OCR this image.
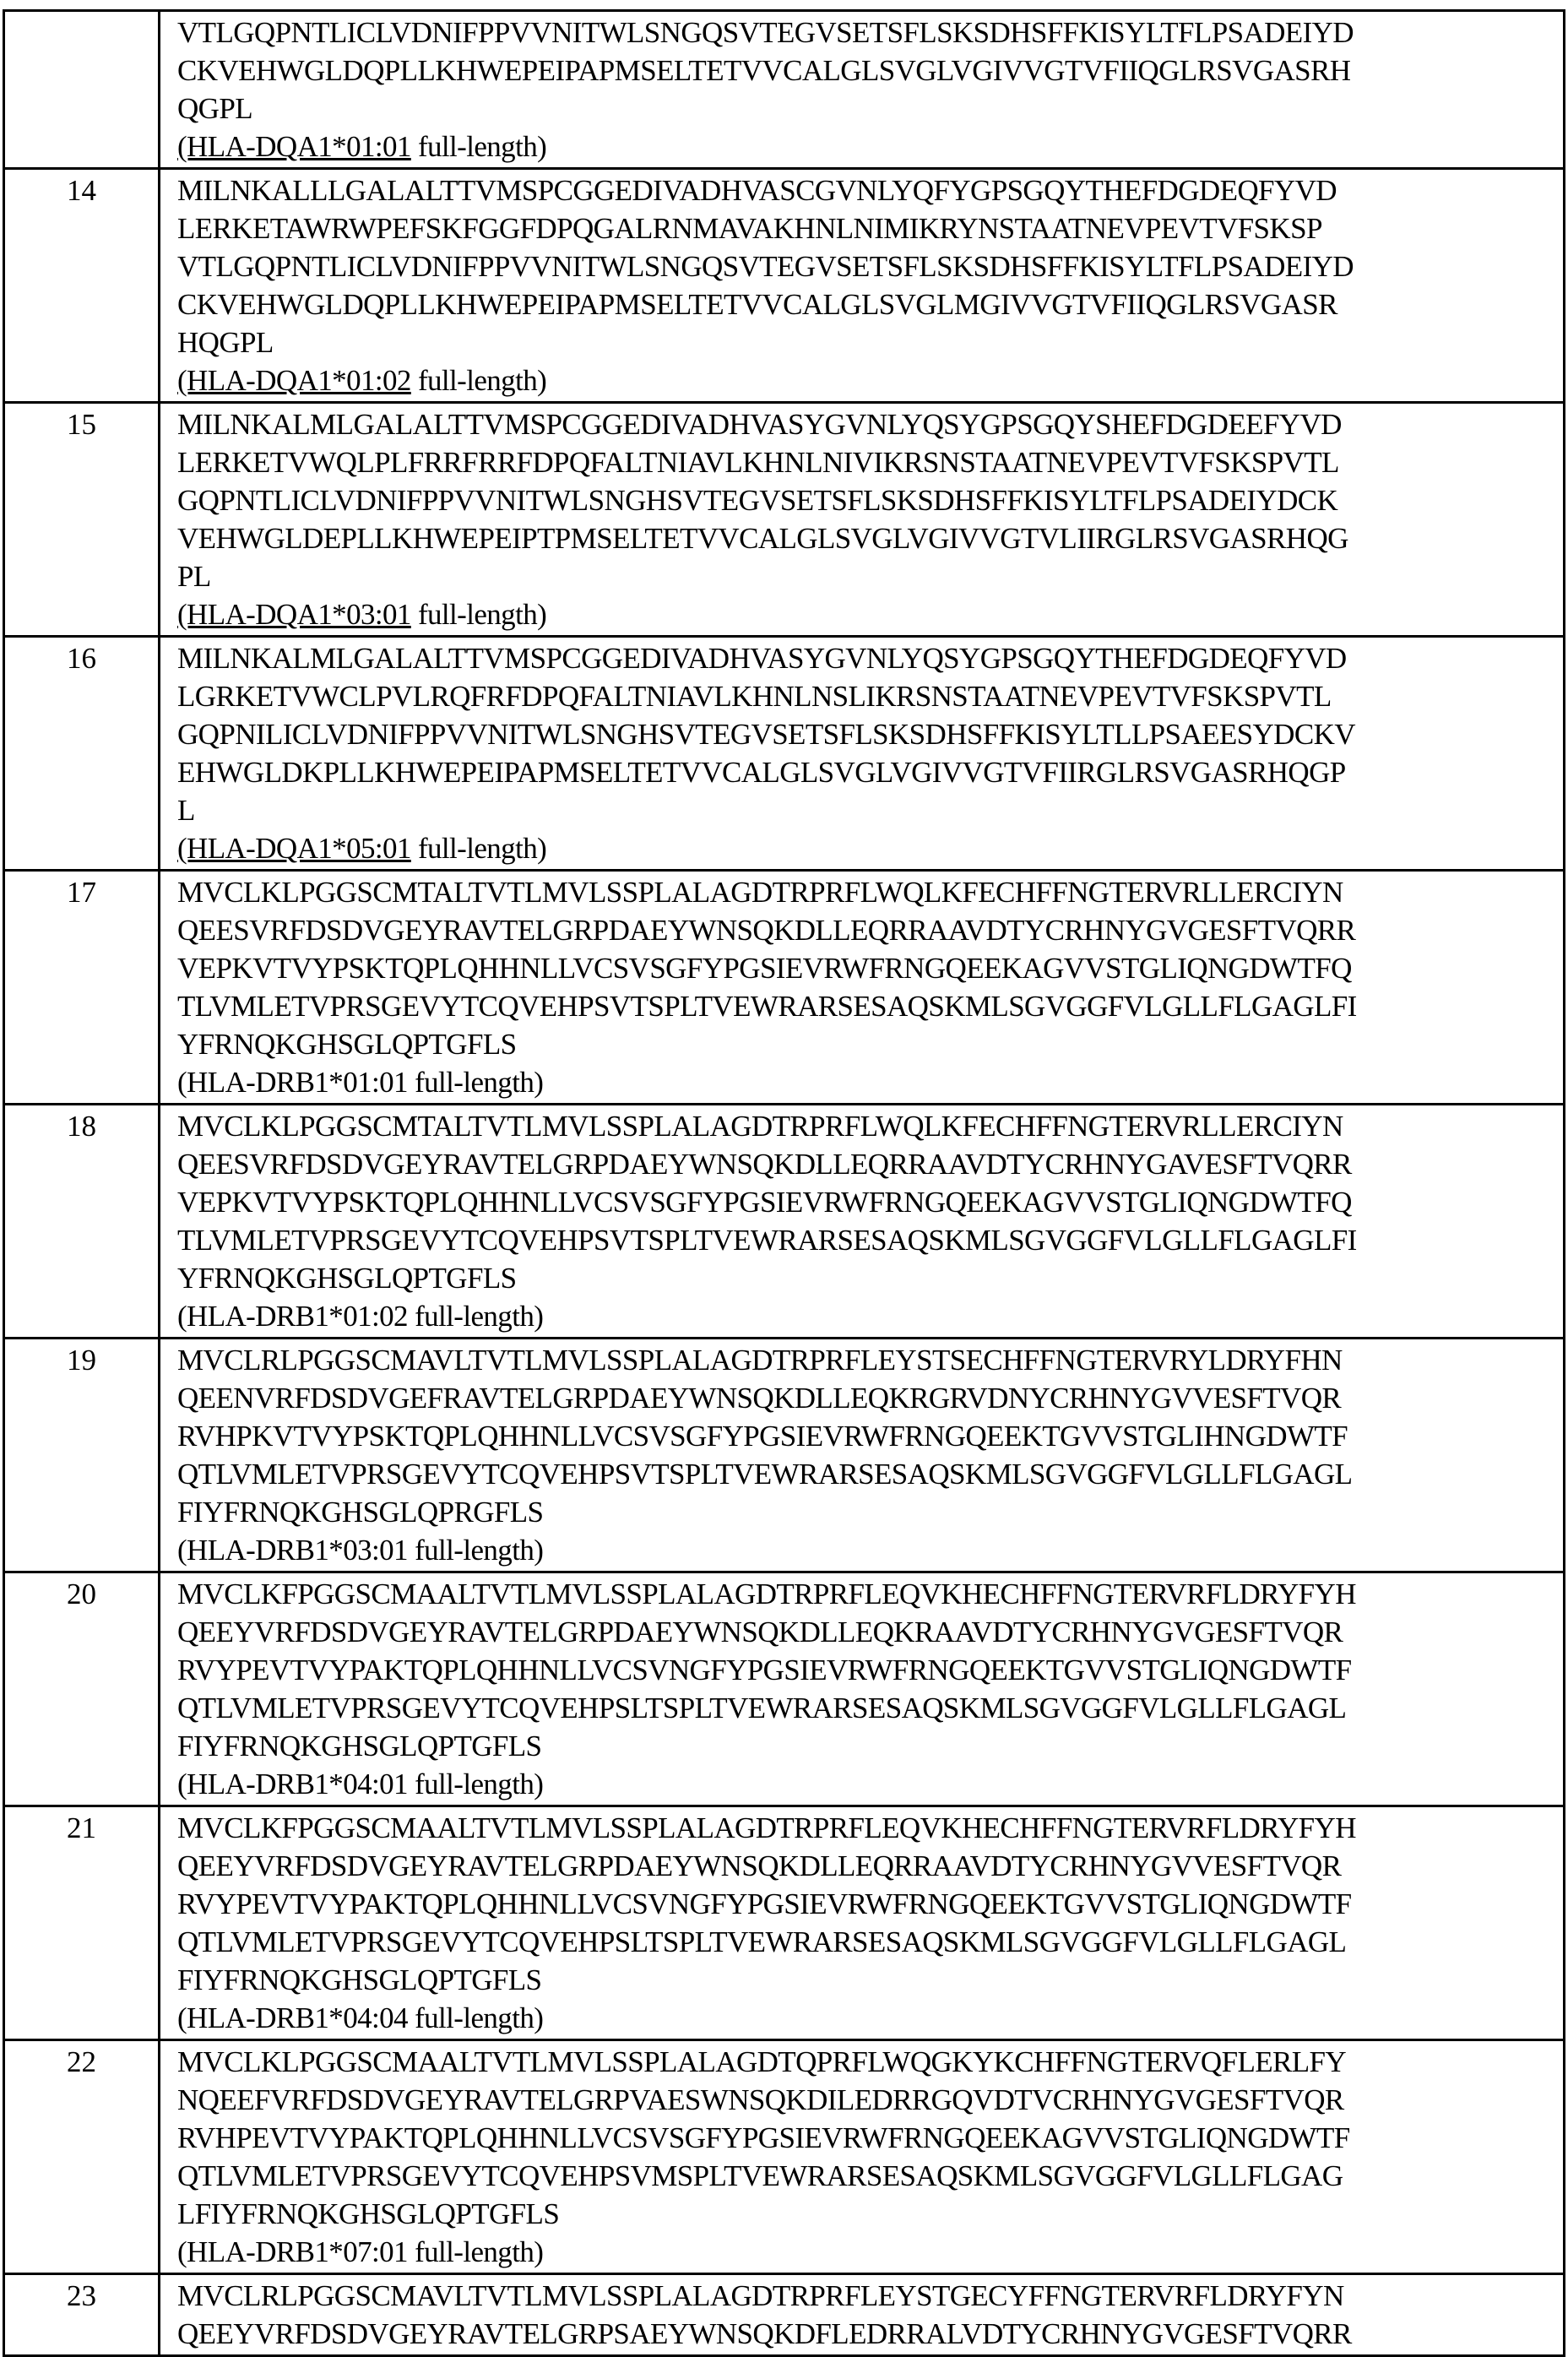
VTLGQPNTLICLVDNIFPPVVNITWLSNGQSVTEGVSETSFLSKSDHSFFKISYLTFLPSADEIYD
CKVEHWGLDQPLLKHWEPEIPAPMSELTETVVCALGLSVGLVGIVVGTVFIIQGLRSVGASRH
QGPL
(HLA-DQA1*01:01 full-length)

14	MILNKALLLGALALTTVMSPCGGEDIVADHVASCGVNLYQFYGPSGQYTHEFDGDEQFYVD
LERKETAWRWPEFSKFGGFDPQGALRNMAVAKHNLNIMIKRYNSTAATNEVPEVTVFSKSP
VTLGQPNTLICLVDNIFPPVVNITWLSNGQSVTEGVSETSFLSKSDHSFFKISYLTFLPSADEIYD
CKVEHWGLDQPLLKHWEPEIPAPMSELTETVVCALGLSVGLMGIVVGTVFIIQGLRSVGASR
HQGPL
(HLA-DQA1*01:02 full-length)

15	MILNKALMLGALALTTVMSPCGGEDIVADHVASYGVNLYQSYGPSGQYSHEFDGDEEFYVD
LERKETVWQLPLFRRFRRFDPQFALTNIAVLKHNLNIVIKRSNSTAATNEVPEVTVFSKSPVTL
GQPNTLICLVDNIFPPVVNITWLSNGHSVTEGVSETSFLSKSDHSFFKISYLTFLPSADEIYDCK
VEHWGLDEPLLKHWEPEIPTPMSELTETVVCALGLSVGLVGIVVGTVLIIRGLRSVGASRHQG
PL
(HLA-DQA1*03:01 full-length)

16	MILNKALMLGALALTTVMSPCGGEDIVADHVASYGVNLYQSYGPSGQYTHEFDGDEQFYVD
LGRKETVWCLPVLRQFRFDPQFALTNIAVLKHNLNSLIKRSNSTAATNEVPEVTVFSKSPVTL
GQPNILICLVDNIFPPVVNITWLSNGHSVTEGVSETSFLSKSDHSFFKISYLTLLPSAEESYDCKV
EHWGLDKPLLKHWEPEIPAPMSELTETVVCALGLSVGLVGIVVGTVFIIRGLRSVGASRHQGP
L
(HLA-DQA1*05:01 full-length)

17	MVCLKLPGGSCMTALTVTLMVLSSPLALAGDTRPRFLWQLKFECHFFNGTERVRLLERCIYN
QEESVRFDSDVGEYRAVTELGRPDAEYWNSQKDLLEQRRAAVDTYCRHNYGVGESFTVQRR
VEPKVTVYPSKTQPLQHHNLLVCSVSGFYPGSIEVRWFRNGQEEKAGVVSTGLIQNGDWTFQ
TLVMLETVPRSGEVYTCQVEHPSVTSPLTVEWRARSESAQSKMLSGVGGFVLGLLFLGAGLFI
YFRNQKGHSGLQPTGFLS
(HLA-DRB1*01:01 full-length)

18	MVCLKLPGGSCMTALTVTLMVLSSPLALAGDTRPRFLWQLKFECHFFNGTERVRLLERCIYN
QEESVRFDSDVGEYRAVTELGRPDAEYWNSQKDLLEQRRAAVDTYCRHNYGAVESFTVQRR
VEPKVTVYPSKTQPLQHHNLLVCSVSGFYPGSIEVRWFRNGQEEKAGVVSTGLIQNGDWTFQ
TLVMLETVPRSGEVYTCQVEHPSVTSPLTVEWRARSESAQSKMLSGVGGFVLGLLFLGAGLFI
YFRNQKGHSGLQPTGFLS
(HLA-DRB1*01:02 full-length)

19	MVCLRLPGGSCMAVLTVTLMVLSSPLALAGDTRPRFLEYSTSECHFFNGTERVRYLDRYFHN
QEENVRFDSDVGEFRAVTELGRPDAEYWNSQKDLLEQKRGRVDNYCRHNYGVVESFTVQR
RVHPKVTVYPSKTQPLQHHNLLVCSVSGFYPGSIEVRWFRNGQEEKTGVVSTGLIHNGDWTF
QTLVMLETVPRSGEVYTCQVEHPSVTSPLTVEWRARSESAQSKMLSGVGGFVLGLLFLGAGL
FIYFRNQKGHSGLQPRGFLS
(HLA-DRB1*03:01 full-length)

20	MVCLKFPGGSCMAALTVTLMVLSSPLALAGDTRPRFLEQVKHECHFFNGTERVRFLDRYFYH
QEEYVRFDSDVGEYRAVTELGRPDAEYWNSQKDLLEQKRAAVDTYCRHNYGVGESFTVQR
RVYPEVTVYPAKTQPLQHHNLLVCSVNGFYPGSIEVRWFRNGQEEKTGVVSTGLIQNGDWTF
QTLVMLETVPRSGEVYTCQVEHPSLTSPLTVEWRARSESAQSKMLSGVGGFVLGLLFLGAGL
FIYFRNQKGHSGLQPTGFLS
(HLA-DRB1*04:01 full-length)

21	MVCLKFPGGSCMAALTVTLMVLSSPLALAGDTRPRFLEQVKHECHFFNGTERVRFLDRYFYH
QEEYVRFDSDVGEYRAVTELGRPDAEYWNSQKDLLEQRRAAVDTYCRHNYGVVESFTVQR
RVYPEVTVYPAKTQPLQHHNLLVCSVNGFYPGSIEVRWFRNGQEEKTGVVSTGLIQNGDWTF
QTLVMLETVPRSGEVYTCQVEHPSLTSPLTVEWRARSESAQSKMLSGVGGFVLGLLFLGAGL
FIYFRNQKGHSGLQPTGFLS
(HLA-DRB1*04:04 full-length)

22	MVCLKLPGGSCMAALTVTLMVLSSPLALAGDTQPRFLWQGKYKCHFFNGTERVQFLERLFY
NQEEFVRFDSDVGEYRAVTELGRPVAESWNSQKDILEDRRGQVDTVCRHNYGVGESFTVQR
RVHPEVTVYPAKTQPLQHHNLLVCSVSGFYPGSIEVRWFRNGQEEKAGVVSTGLIQNGDWTF
QTLVMLETVPRSGEVYTCQVEHPSVMSPLTVEWRARSESAQSKMLSGVGGFVLGLLFLGAG
LFIYFRNQKGHSGLQPTGFLS
(HLA-DRB1*07:01 full-length)

23	MVCLRLPGGSCMAVLTVTLMVLSSPLALAGDTRPRFLEYSTGECYFFNGTERVRFLDRYFYN
QEEYVRFDSDVGEYRAVTELGRPSAEYWNSQKDFLEDRRALVDTYCRHNYGVGESFTVQRR
